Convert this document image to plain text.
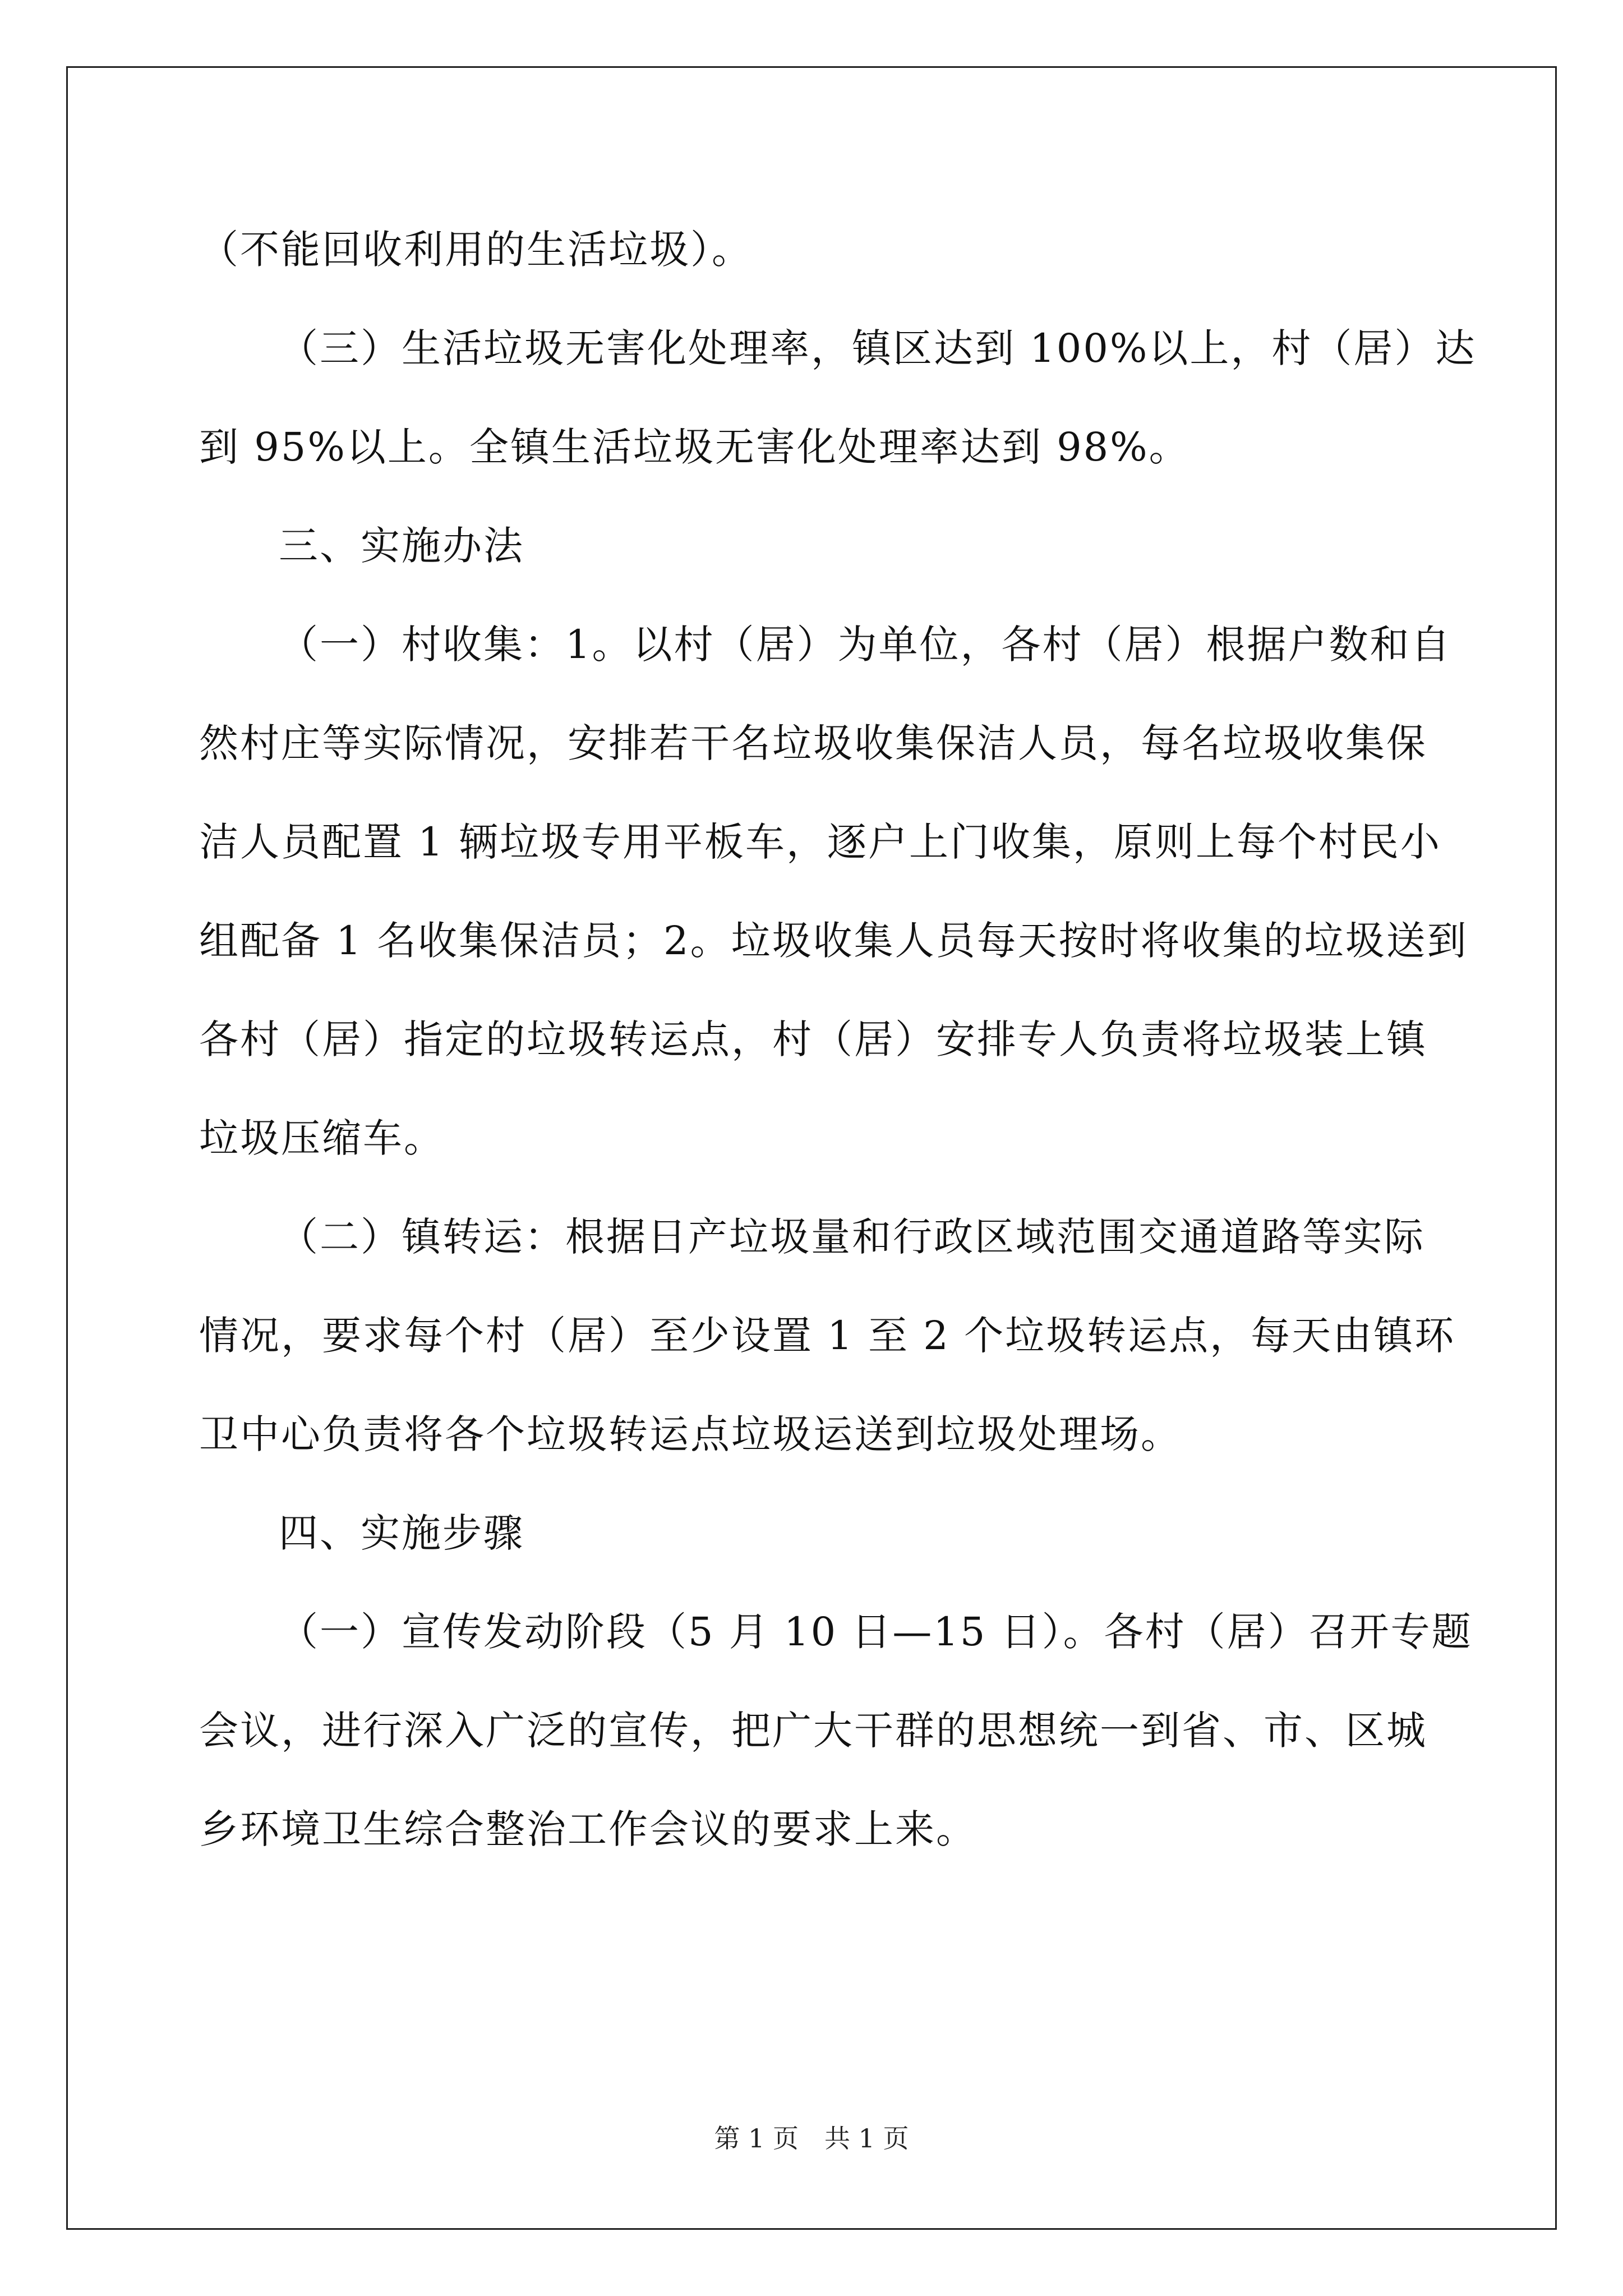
（不能回收利用的生活垃圾）。
（三）生活垃圾无害化处理率，镇区达到 100%以上，村（居）达
到 95%以上。全镇生活垃圾无害化处理率达到 98%。
三、实施办法
（一）村收集：1。以村（居）为单位，各村（居）根据户数和自
然村庄等实际情况，安排若干名垃圾收集保洁人员，每名垃圾收集保
洁人员配置 1 辆垃圾专用平板车，逐户上门收集，原则上每个村民小
组配备 1 名收集保洁员；2。垃圾收集人员每天按时将收集的垃圾送到
各村（居）指定的垃圾转运点，村（居）安排专人负责将垃圾装上镇
垃圾压缩车。
（二）镇转运：根据日产垃圾量和行政区域范围交通道路等实际
情况，要求每个村（居）至少设置 1 至 2 个垃圾转运点，每天由镇环
卫中心负责将各个垃圾转运点垃圾运送到垃圾处理场。
四、实施步骤
（一）宣传发动阶段（5 月 10 日—15 日）。各村（居）召开专题
会议，进行深入广泛的宣传，把广大干群的思想统一到省、市、区城
乡环境卫生综合整治工作会议的要求上来。
第 1 页　共 1 页
